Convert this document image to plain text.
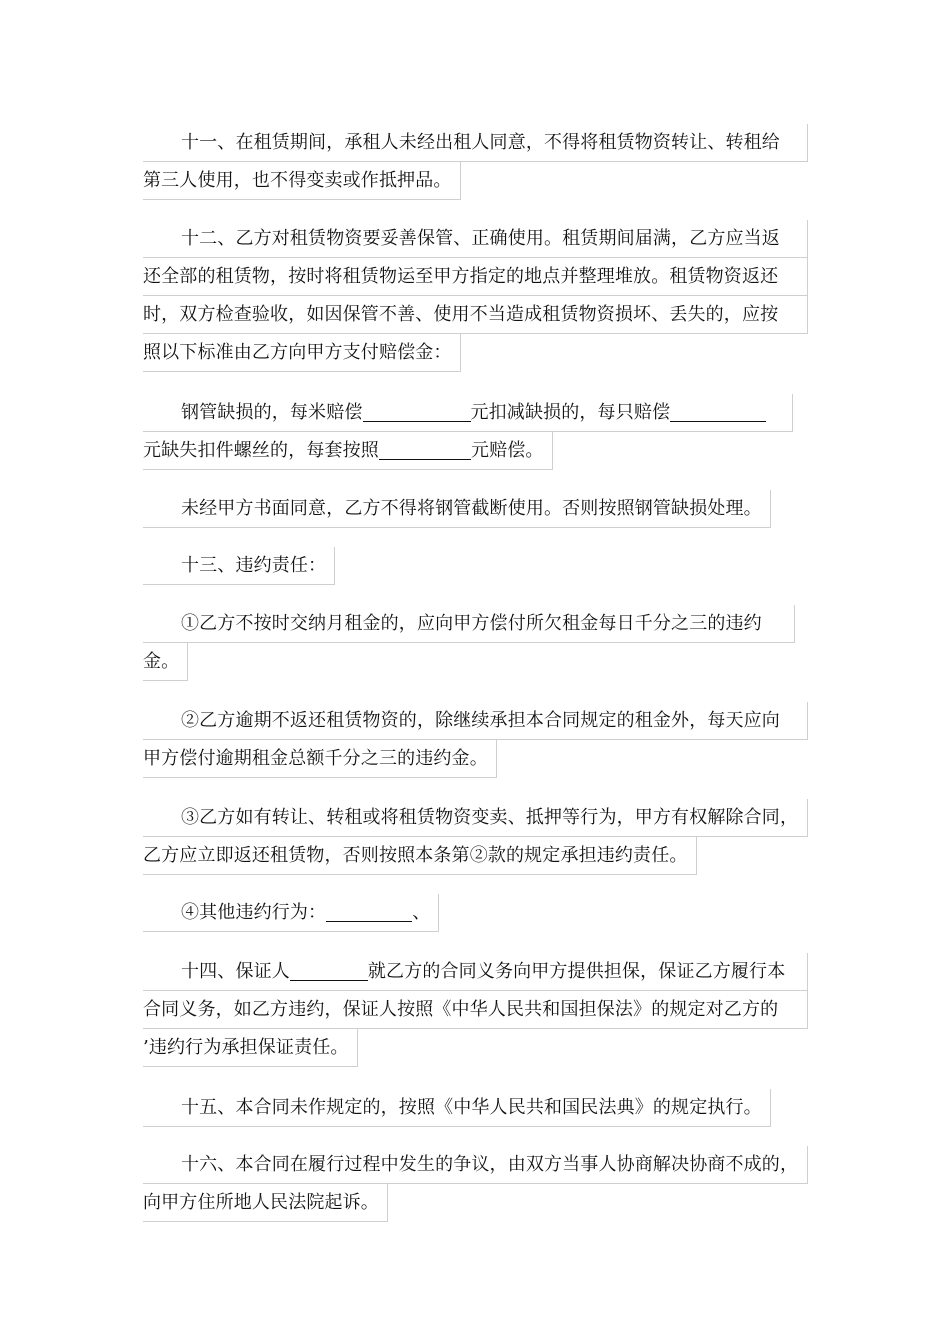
十一、在租赁期间，承租人未经出租人同意，不得将租赁物资转让、转租给
第三人使用，也不得变卖或作抵押品。
十二、乙方对租赁物资要妥善保管、正确使用。租赁期间届满，乙方应当返
还全部的租赁物，按时将租赁物运至甲方指定的地点并整理堆放。租赁物资返还
时，双方检查验收，如因保管不善、使用不当造成租赁物资损坏、丢失的，应按
照以下标准由乙方向甲方支付赔偿金：
钢管缺损的，每米赔偿	元扣减缺损的，每只赔偿 元缺失扣件螺丝的，每套按照	元赔偿。
未经甲方书面同意，乙方不得将钢管截断使用。否则按照钢管缺损处理。
十三、违约责任：
①乙方不按时交纳月租金的，应向甲方偿付所欠租金每日千分之三的违约 金。
②乙方逾期不返还租赁物资的，除继续承担本合同规定的租金外，每天应向
甲方偿付逾期租金总额千分之三的违约金。
③乙方如有转让、转租或将租赁物资变卖、抵押等行为，甲方有权解除合同，
乙方应立即返还租赁物，否则按照本条第②款的规定承担违约责任。
④其他违约行为：	、
十四、保证人	就乙方的合同义务向甲方提供担保，保证乙方履行本
合同义务，如乙方违约，保证人按照《中华人民共和国担保法》的规定对乙方的
’违约行为承担保证责任。
十五、本合同未作规定的，按照《中华人民共和国民法典》的规定执行。
十六、本合同在履行过程中发生的争议，由双方当事人协商解决协商不成的，
向甲方住所地人民法院起诉。
